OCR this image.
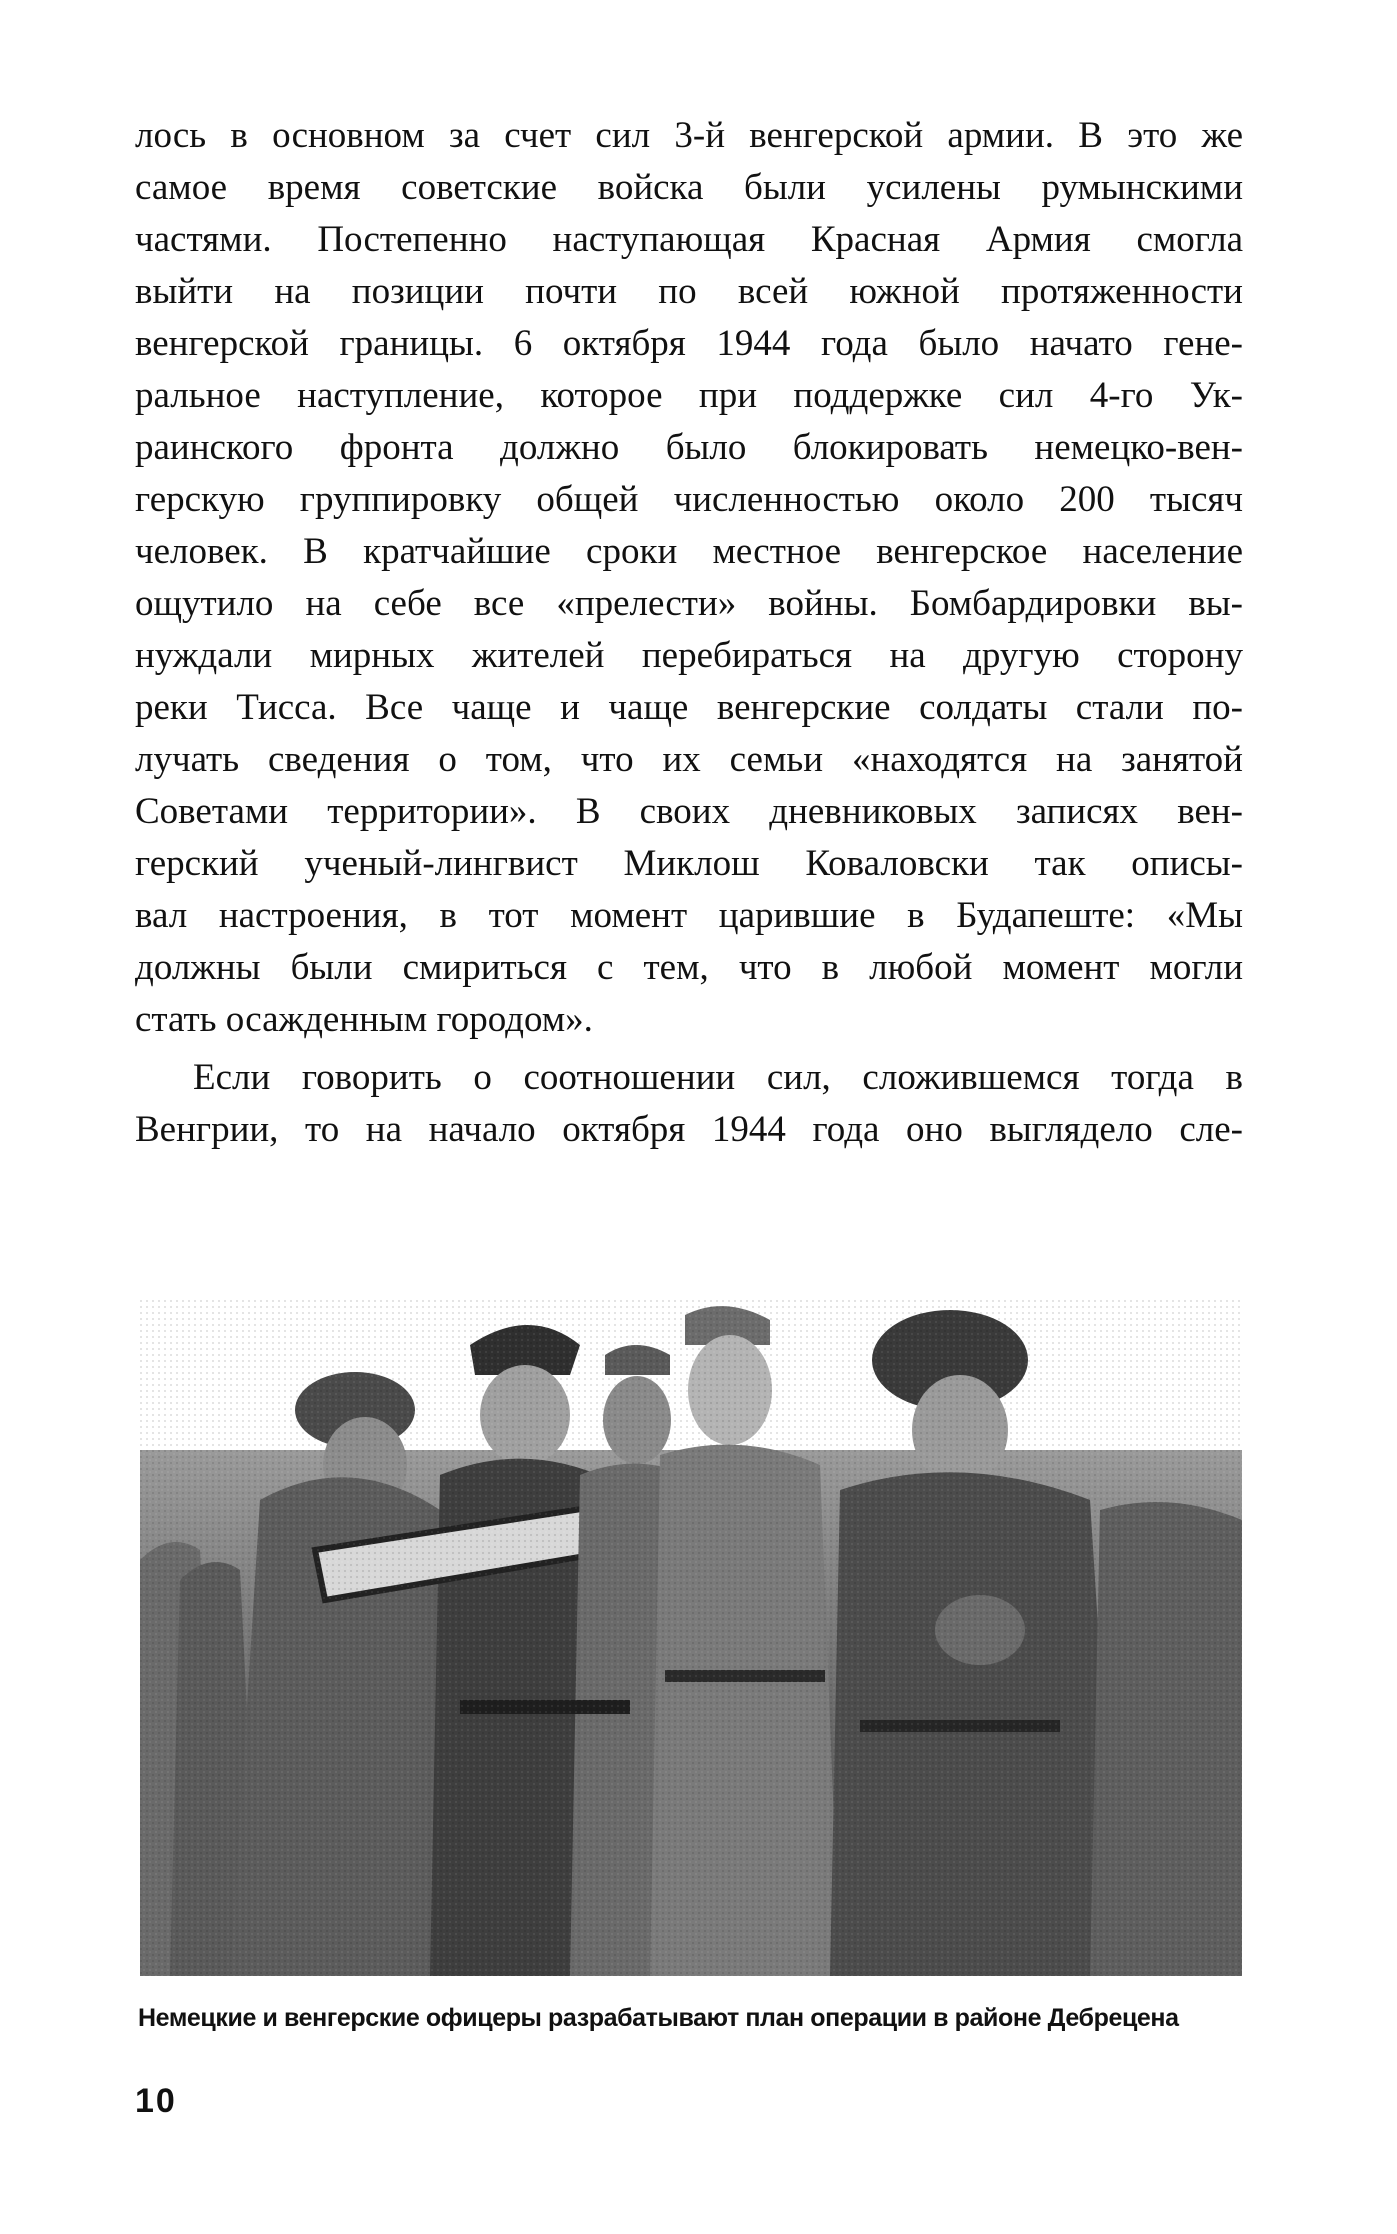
лось в основном за счет сил 3-й венгерской армии. В это же
самое время советские войска были усилены румынскими
частями. Постепенно наступающая Красная Армия смогла
выйти на позиции почти по всей южной протяженности
венгерской границы. 6 октября 1944 года было начато гене-
ральное наступление, которое при поддержке сил 4-го Ук-
раинского фронта должно было блокировать немецко-вен-
герскую группировку общей численностью около 200 тысяч
человек. В кратчайшие сроки местное венгерское население
ощутило на себе все «прелести» войны. Бомбардировки вы-
нуждали мирных жителей перебираться на другую сторону
реки Тисса. Все чаще и чаще венгерские солдаты стали по-
лучать сведения о том, что их семьи «находятся на занятой
Советами территории». В своих дневниковых записях вен-
герский ученый-лингвист Миклош Коваловски так описы-
вал настроения, в тот момент царившие в Будапеште: «Мы
должны были смириться с тем, что в любой момент могли
стать осажденным городом».
Если говорить о соотношении сил, сложившемся тогда в
Венгрии, то на начало октября 1944 года оно выглядело сле-
Немецкие и венгерские офицеры разрабатывают план операции в районе Дебрецена
10
